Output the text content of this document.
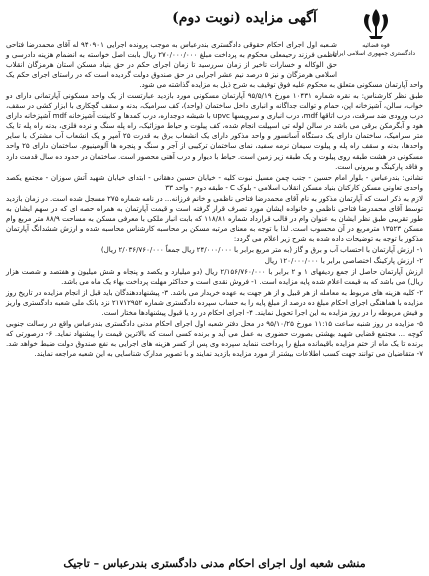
قوه قضائیه
دادگستری جمهوری اسلامی ایران
آگهی مزایده (نوبت دوم)

شـعبه اول اجرای احکام حقوقی دادگستری بندرعباس به موجب پرونده اجرایی ۹۴۰۹۰۱ له آقای محمدرضا فتاحی ناظمی فرزند رحیمعلی محکوم به پرداخت مبلغ ۲۷۰/۰۰۰/۰۰۰ ریال بابت اصل خواسته به انضمام هزینه دادرسی و حق الوکاله و خسارات تاخیر از زمان سررسید تا زمان اجرای حکم در حق بنیاد مسکن استان هرمزگان انقلاب اسلامی هرمزگان و نیز ۵ درصد نیم عشر اجرایی در حق صندوق دولت گردیده است که در راستای اجرای حکم یک واحد آپارتمان مسکونی متعلق به محکوم علیه فوق توقیف به شرح ذیل به مزایده گذاشته می شود.

طبق نظر کارشناس: به نقره شماره ۱۰۴۳۱ مورخ ۹۵/۵/۱۹ آپارتمان مسکونی مورد بازدید عبارتست از یک واحد مسکونی آپارتمانی دارای دو خواب، سالن، آشپزخانه اپن، حمام و توالت جداگانه و انباری داخل ساختمان (واحد)، کف سرامیک، بدنه و سقف گچکاری با ابزار کشی در سقف، درب ورودی ضد سرقت، درب اتاقها mdf، درب انباری و سرویسها upvc با شیشه دوجداره، درب کمدها و کابینت آشپزخانه mdf آشپزخانه دارای هود و آبگرمکن برقی می باشد در سالن لوله تی اسپیلت انجام شده، کف پیلوت و حیاط موزائیک، راه پله سنگ و نرده فلزی، بدنه راه پله تا یک متر سرامیک، ساختمان دارای یک دستگاه آسانسور و واحد مذکور دارای یک انشعاب برق به قدرت ۲۵ آمپر و یک انشعاب آب مشترک با سایر واحدها، بدنه و سقف راه پله و پیلوت سیمان نرمه سفید، نمای ساختمان ترکیبی از آجر و سنگ و پنجره ها آلومینیوم. ساختمان دارای ۲۵ واحد مسکونی در هشت طبقه روی پیلوت و یک طبقه زیر زمین است. حیاط با دیوار و درب آهنی محصور است. ساختمان در حدود ده سال قدمت دارد و فاقد پارکینگ و بیرونی است.

نشانی: بندرعباس - بلوار امام حسین - جنب چمن مسیل نبوت کلیه - خیابان حسین دهقانی - ابتدای خیابان شهید آتش سوزان - مجتمع یکصد واحدی تعاونی مسکن کارکنان بنیاد مسکن انقلاب اسلامی - بلوک C - طبقه دوم - واحد ۳۳

لازم به ذکر است که آپارتمان مذکور به نام آقای محمدرضا فتاحی ناظمی و خانم فرزانه... در نامه شماره ۲۷۵ مسجل شده است. در زمان بازدید توسط آقای محمدرضا فتاحی ناظمی و خانواده ایشان مورد تصرف قرار گرفته است و قیمت آپارتمان به همراه حصه ای که در سهم ایشان به طور تقریبی طبق نظر ایشان به عنوان وام در قالب قرارداد شماره ۱۱۸/۸۱ که بابت انبار ملکی با معرفی مسکن به مساحت ۸۸/۹ متر مربع وام مسکن ۱۳۵۲۳ مترمربع در آن محسوب است. لذا با توجه به معنای مرتبه مسکن بر محاسبه کارشناس محاسبه شده و ارزش ششدانگ آپارتمان مذکور با توجه به توضیحات داده شده به شرح زیر اعلام می گردد:

۱- ارزش آپارتمان با احتساب آب و برق و گاز (به متر مربع برابر با ۲۴/۰۰۰/۰۰۰ ریال جمعاً ۲/۰۳۶/۷۶۰/۰۰۰ ریال)

۲- ارزش پارکینگ اختصاصی برابر با ۱۲۰/۰۰۰/۰۰۰ ریال

ارزش آپارتمان حاصل از جمع ردیفهای ۱ و ۲ برابر با ۲/۱۵۶/۷۶۰/۰۰۰ ریال (دو میلیارد و یکصد و پنجاه و شش میلیون و هفتصد و شصت هزار ریال) می باشد که به قیمت اعلام شده پایه مزایده است. ۱- فروش نقدی است و حداکثر مهلت پرداخت بهاء یک ماه می باشد.

۲- کلیه هزینه های مربوط به معامله از هر قبیل و از هر جهت به عهده خریدار می باشد. ۳- پیشنهاددهندگان باید قبل از انجام مزایده در تاریخ روز مزایده با هماهنگی اجرای احکام مبلغ ده درصد از مبلغ پایه را به حساب سپرده دادگستری شماره ۲۱۷۱۲۹۵۲ نزد بانک ملی شعبه دادگستری واریز و فیش مربوطه را در روز مزایده به این اجرا تحویل نمایند. ۴- اجرای احکام در رد یا قبول پیشنهادها مختار است.

۵- مزایده در روز شنبه ساعت ۱۱:۱۵ مورخ ۹۵/۱۰/۲۵ در محل دفتر شعبه اول اجرای احکام مدنی دادگستری بندرعباس واقع در رسالت جنوبی کوچه ... مجتمع قضایی شهید بهشتی بصورت حضوری به عمل می آید و برنده کسی است که بالاترین قیمت را پیشنهاد نماید. ۶- درصورتی که برنده تا یک ماه از ختم مزایده باقیمانده مبلغ را پرداخت ننماید سپرده وی پس از کسر هزینه های اجرایی به نفع صندوق دولت ضبط خواهد شد. ۷- متقاضیان می توانند جهت کسب اطلاعات بیشتر از مورد مزایده بازدید نمایند و با تصویر مدارک شناسایی به این شعبه مراجعه نمایند.

منشی شعبه اول اجرای احکام مدنی دادگستری بندرعباس – تاجیک
